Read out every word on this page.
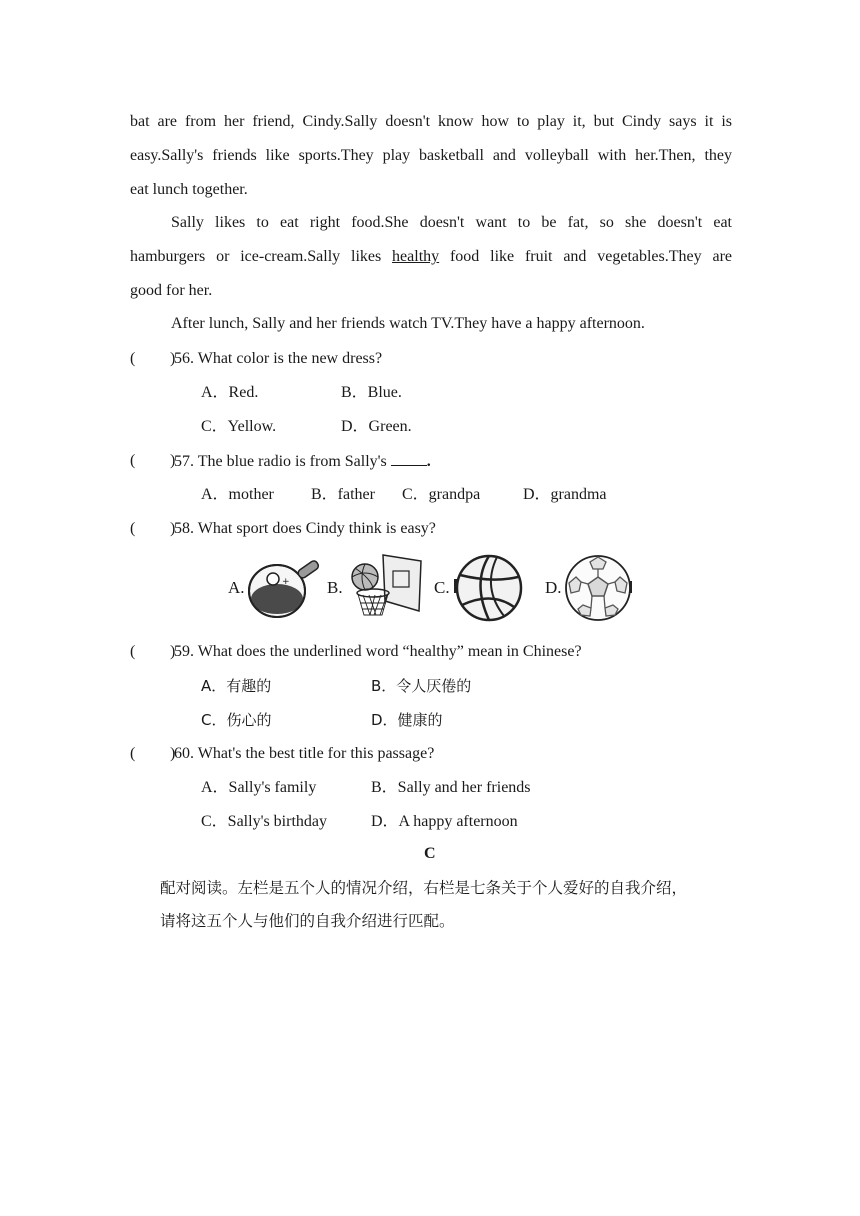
bat are from her friend, Cindy.Sally doesn't know how to play it, but Cindy says it is
easy.Sally's friends like sports.They play basketball and volleyball with her.Then, they
eat lunch together.
Sally likes to eat right food.She doesn't want to be fat, so she doesn't eat
hamburgers or ice-cream.Sally likes healthy food like fruit and vegetables.They are
good for her.
After lunch, Sally and her friends watch TV.They have a happy afternoon.
( )
56. What color is the new dress?
A．Red.	B．Blue.
C．Yellow.	D．Green.
( )
57. The blue radio is from Sally's .
A．mother B．father C．grandpa	D．grandma
( )
58. What sport does Cindy think is easy?
A.	+ B.	C.	D.
( )
59. What does the underlined word “healthy” mean in Chinese?
A．有趣的	B．令人厌倦的
C．伤心的	D．健康的
( )
60. What's the best title for this passage?
A．Sally's family	B．Sally and her friends
C．Sally's birthday	D．A happy afternoon
C
配对阅读。左栏是五个人的情况介绍，右栏是七条关于个人爱好的自我介绍，
请将这五个人与他们的自我介绍进行匹配。
